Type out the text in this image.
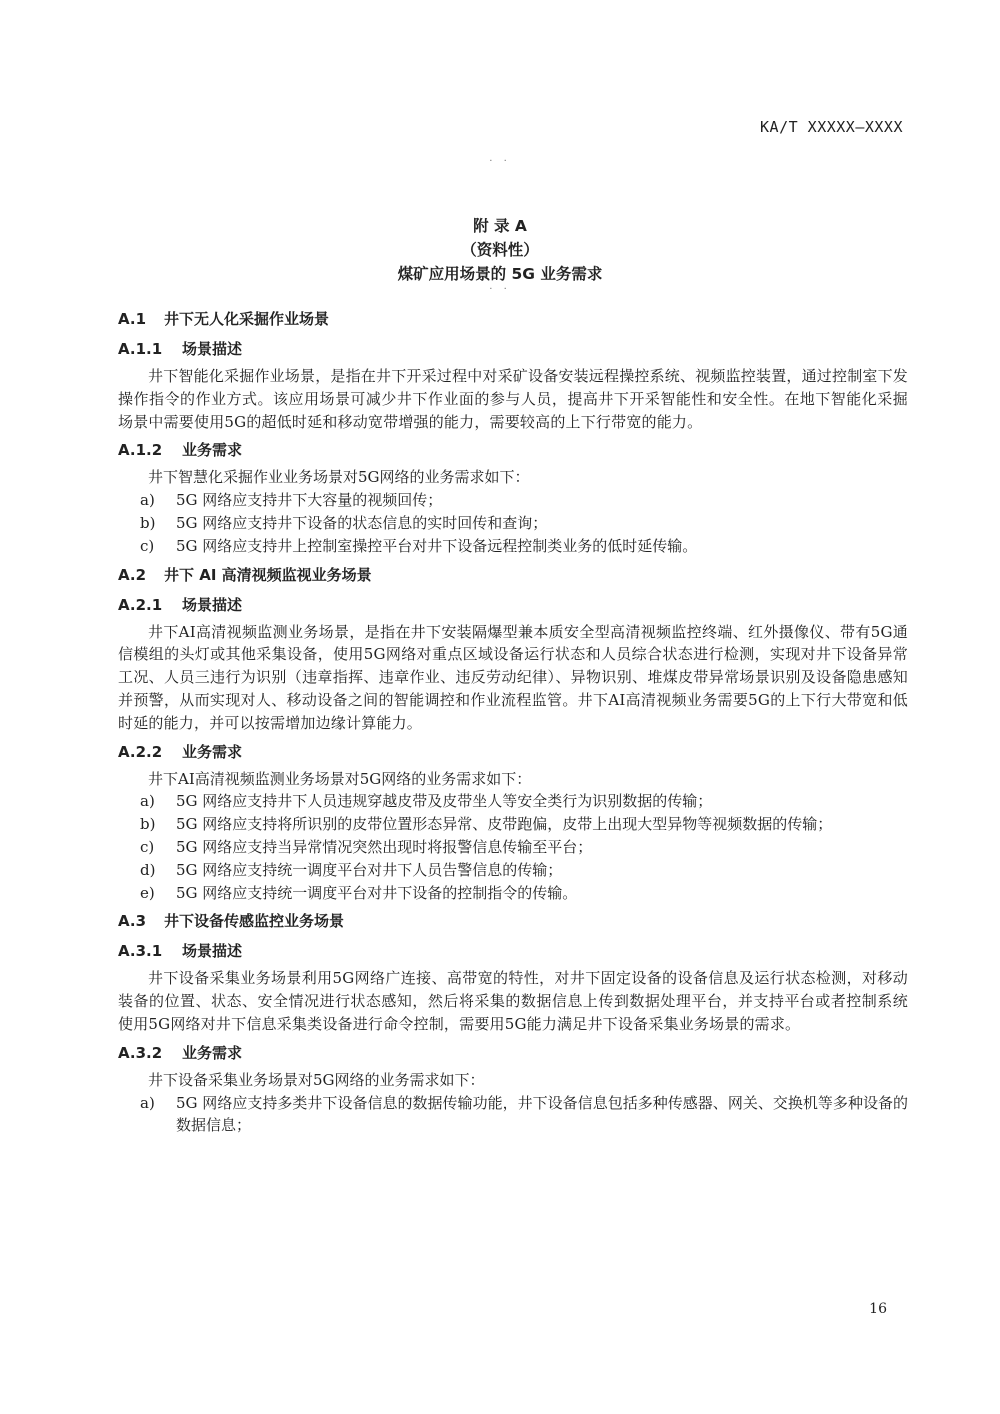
KA/T XXXXX—XXXX
· ·
附 录 A
（资料性）
煤矿应用场景的 5G 业务需求
· ·
A.1 井下无人化采掘作业场景
A.1.1 场景描述
井下智能化采掘作业场景，是指在井下开采过程中对采矿设备安装远程操控系统、视频监控装置，通过控制室下发操作指令的作业方式。该应用场景可减少井下作业面的参与人员，提高井下开采智能性和安全性。在地下智能化采掘场景中需要使用5G的超低时延和移动宽带增强的能力，需要较高的上下行带宽的能力。
A.1.2 业务需求
井下智慧化采掘作业业务场景对5G网络的业务需求如下：
a)	5G 网络应支持井下大容量的视频回传；
b)	5G 网络应支持井下设备的状态信息的实时回传和查询；
c)	5G 网络应支持井上控制室操控平台对井下设备远程控制类业务的低时延传输。
A.2 井下 AI 高清视频监视业务场景
A.2.1 场景描述
井下AI高清视频监测业务场景，是指在井下安装隔爆型兼本质安全型高清视频监控终端、红外摄像仪、带有5G通信模组的头灯或其他采集设备，使用5G网络对重点区域设备运行状态和人员综合状态进行检测，实现对井下设备异常工况、人员三违行为识别（违章指挥、违章作业、违反劳动纪律）、异物识别、堆煤皮带异常场景识别及设备隐患感知并预警，从而实现对人、移动设备之间的智能调控和作业流程监管。井下AI高清视频业务需要5G的上下行大带宽和低时延的能力，并可以按需增加边缘计算能力。
A.2.2 业务需求
井下AI高清视频监测业务场景对5G网络的业务需求如下：
a)	5G 网络应支持井下人员违规穿越皮带及皮带坐人等安全类行为识别数据的传输；
b)	5G 网络应支持将所识别的皮带位置形态异常、皮带跑偏，皮带上出现大型异物等视频数据的传输；
c)	5G 网络应支持当异常情况突然出现时将报警信息传输至平台；
d)	5G 网络应支持统一调度平台对井下人员告警信息的传输；
e)	5G 网络应支持统一调度平台对井下设备的控制指令的传输。
A.3 井下设备传感监控业务场景
A.3.1 场景描述
井下设备采集业务场景利用5G网络广连接、高带宽的特性，对井下固定设备的设备信息及运行状态检测，对移动装备的位置、状态、安全情况进行状态感知，然后将采集的数据信息上传到数据处理平台，并支持平台或者控制系统使用5G网络对井下信息采集类设备进行命令控制，需要用5G能力满足井下设备采集业务场景的需求。
A.3.2 业务需求
井下设备采集业务场景对5G网络的业务需求如下：
a)	5G 网络应支持多类井下设备信息的数据传输功能，井下设备信息包括多种传感器、网关、交换机等多种设备的数据信息；
16
